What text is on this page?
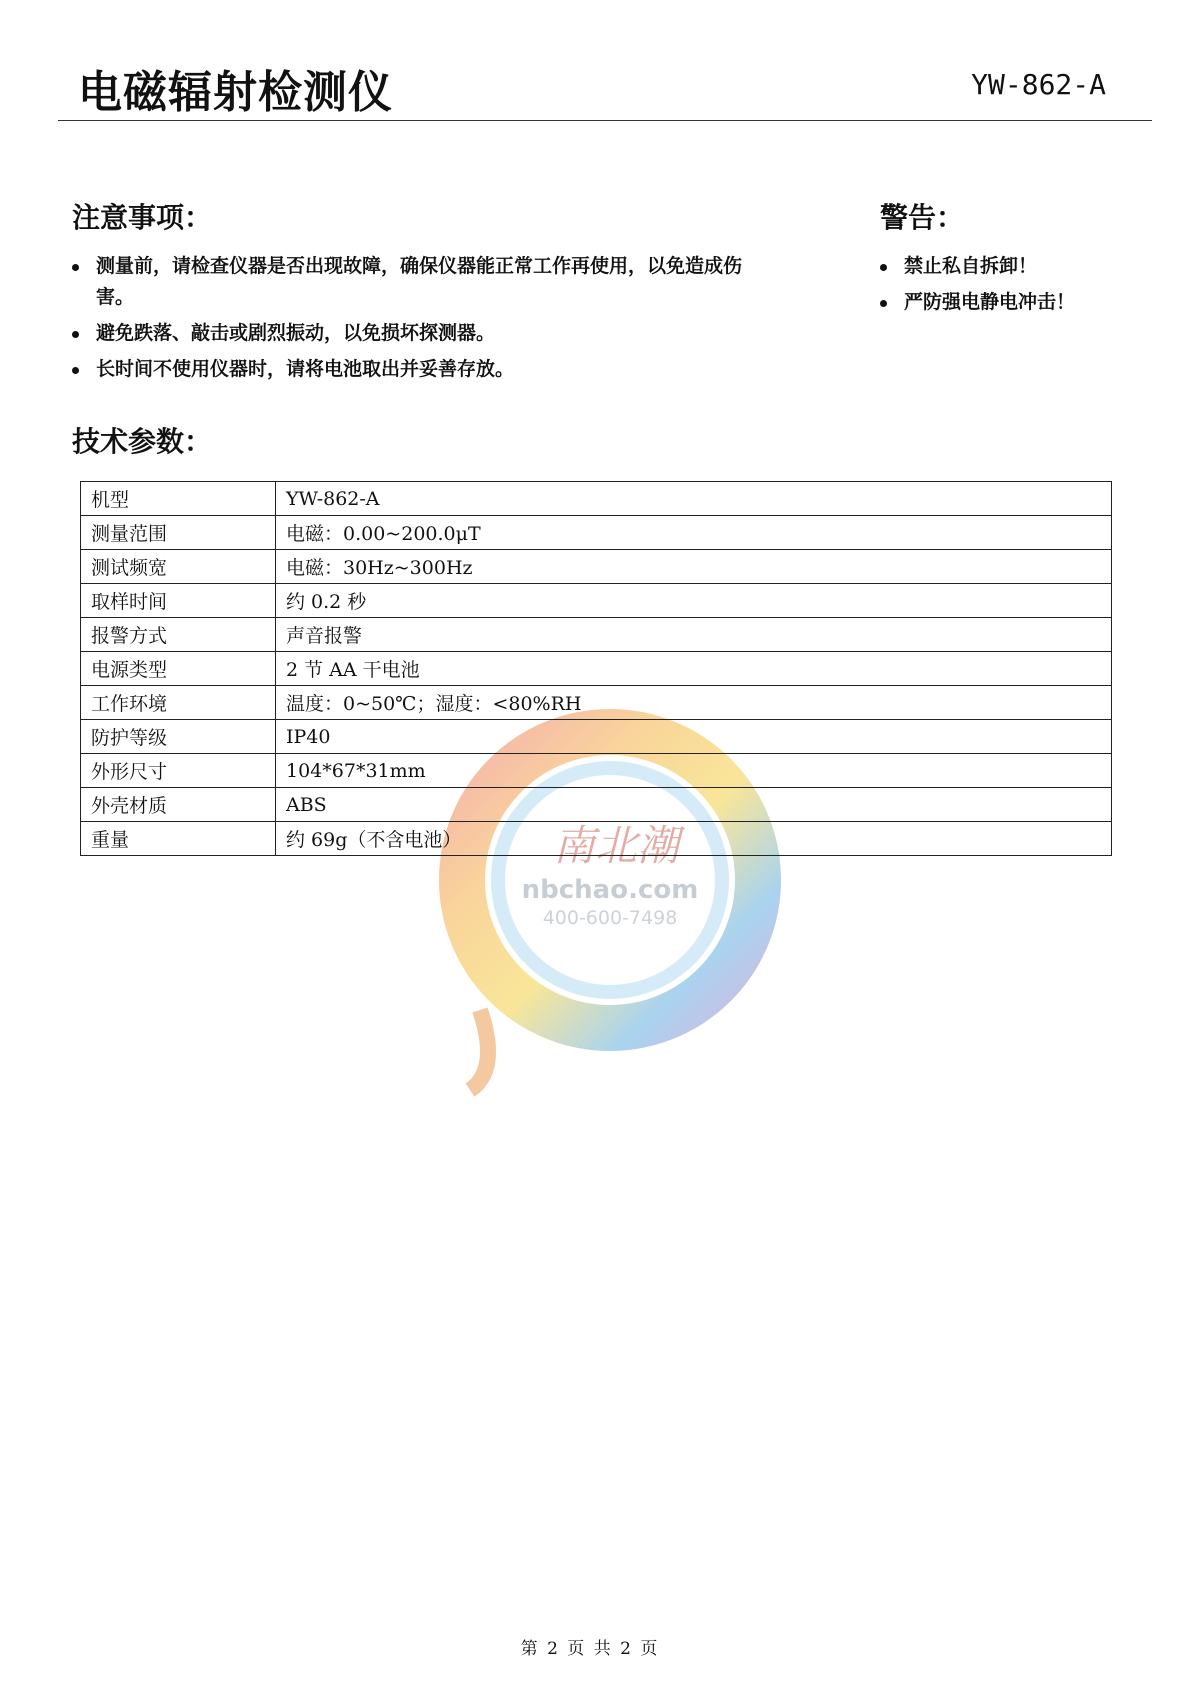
电磁辐射检测仪	YW-862-A
注意事项：
测量前，请检查仪器是否出现故障，确保仪器能正常工作再使用，以免造成伤害。
避免跌落、敲击或剧烈振动，以免损坏探测器。
长时间不使用仪器时，请将电池取出并妥善存放。
警告：
禁止私自拆卸！
严防强电静电冲击！
技术参数：
南北潮
nbchao.com
400-600-7498
机型	YW-862-A
测量范围	电磁：0.00~200.0μT
测试频宽	电磁：30Hz~300Hz
取样时间	约 0.2 秒
报警方式	声音报警
电源类型	2 节 AA 干电池
工作环境	温度：0~50℃；湿度：<80%RH
防护等级	IP40
外形尺寸	104*67*31mm
外壳材质	ABS
重量	约 69g（不含电池）
第 2 页 共 2 页
